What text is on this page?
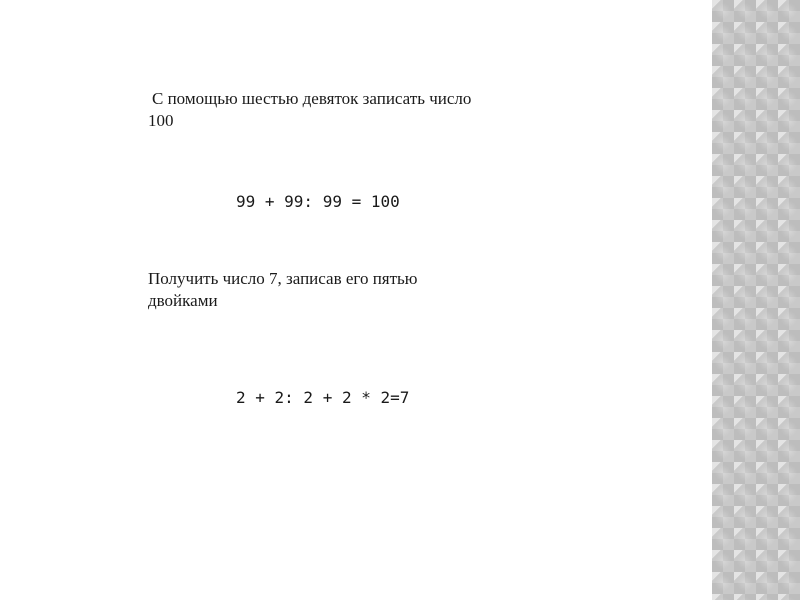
С помощью шестью девяток записать число
100
99 + 99: 99 = 100
Получить число 7, записав его пятью
двойками
2 + 2: 2 + 2 * 2=7
